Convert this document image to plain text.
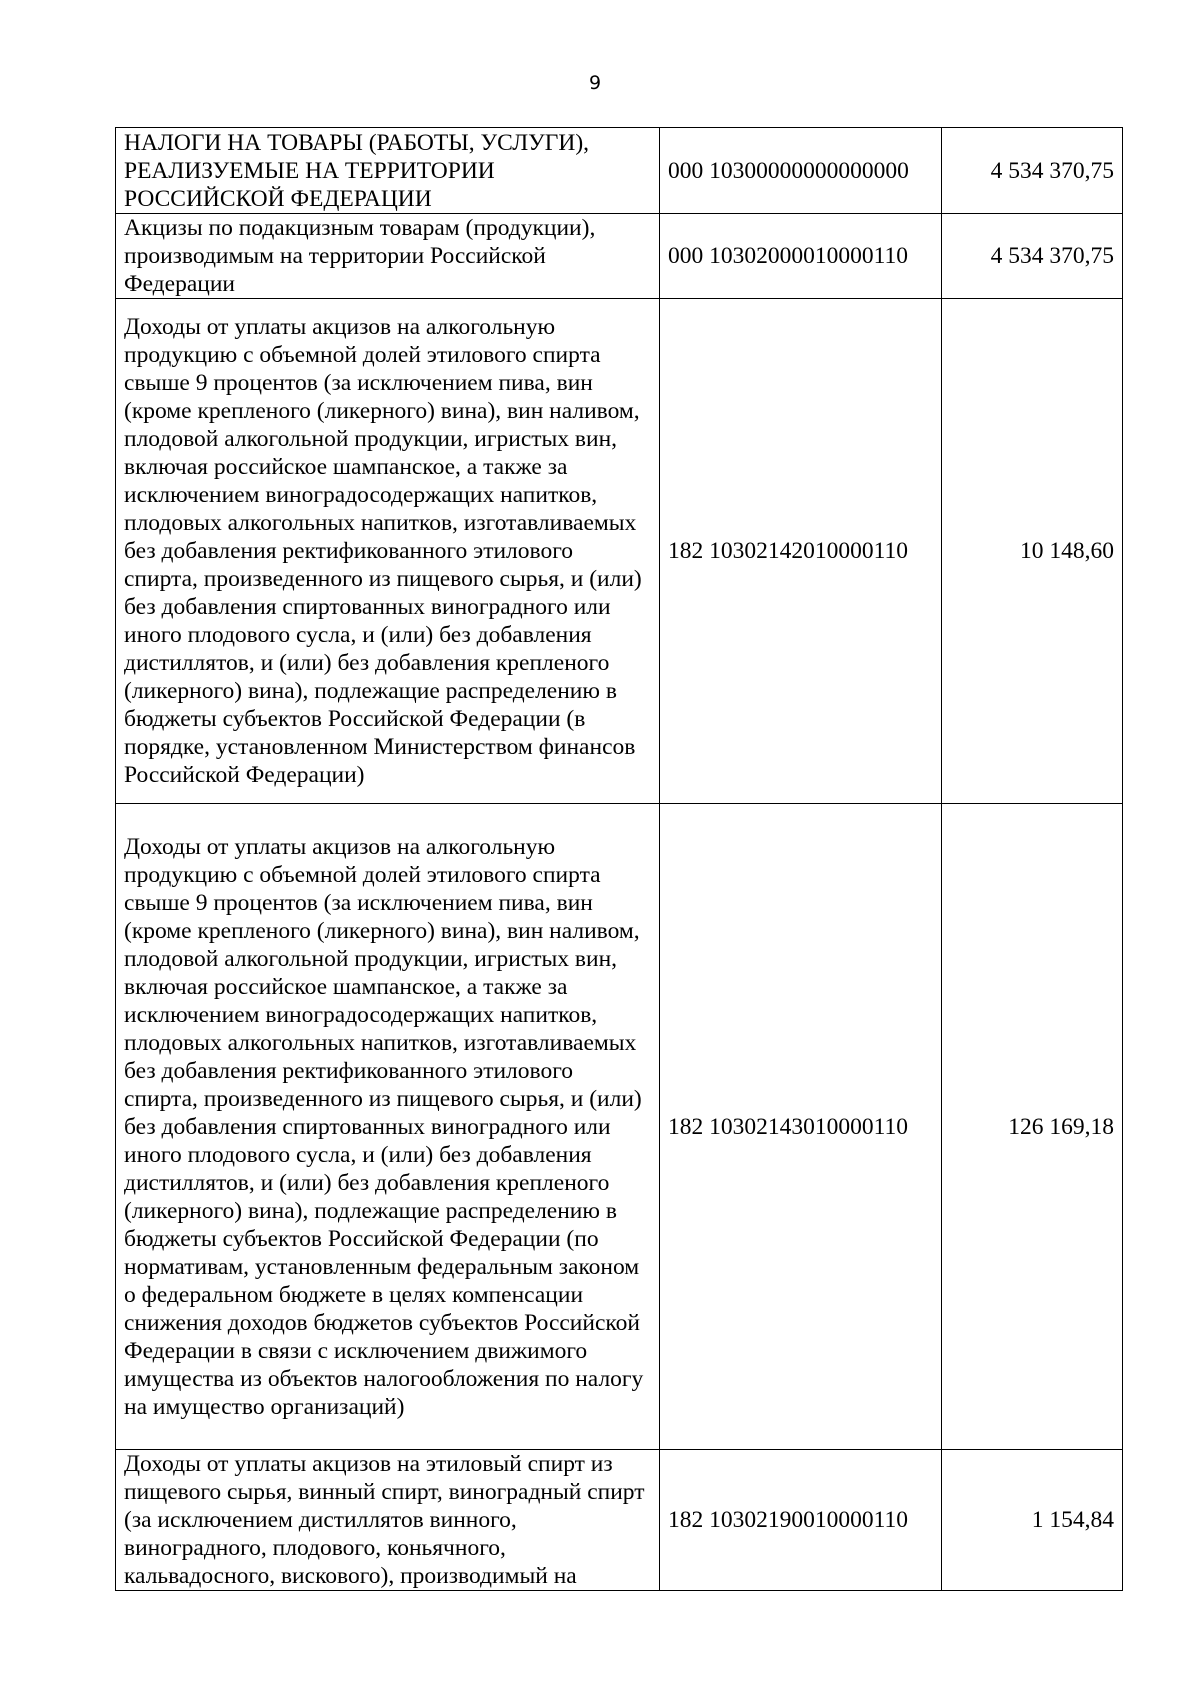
9
НАЛОГИ НА ТОВАРЫ (РАБОТЫ, УСЛУГИ), РЕАЛИЗУЕМЫЕ НА ТЕРРИТОРИИ РОССИЙСКОЙ ФЕДЕРАЦИИ	000 10300000000000000	4 534 370,75
Акцизы по подакцизным товарам (продукции), производимым на территории Российской Федерации	000 10302000010000110	4 534 370,75
Доходы от уплаты акцизов на алкогольную продукцию с объемной долей этилового спирта свыше 9 процентов (за исключением пива, вин (кроме крепленого (ликерного) вина), вин наливом, плодовой алкогольной продукции, игристых вин, включая российское шампанское, а также за исключением виноградосодержащих напитков, плодовых алкогольных напитков, изготавливаемых без добавления ректификованного этилового спирта, произведенного из пищевого сырья, и (или) без добавления спиртованных виноградного или иного плодового сусла, и (или) без добавления дистиллятов, и (или) без добавления крепленого (ликерного) вина), подлежащие распределению в бюджеты субъектов Российской Федерации (в порядке, установленном Министерством финансов Российской Федерации)	182 10302142010000110	10 148,60
Доходы от уплаты акцизов на алкогольную продукцию с объемной долей этилового спирта свыше 9 процентов (за исключением пива, вин (кроме крепленого (ликерного) вина), вин наливом, плодовой алкогольной продукции, игристых вин, включая российское шампанское, а также за исключением виноградосодержащих напитков, плодовых алкогольных напитков, изготавливаемых без добавления ректификованного этилового спирта, произведенного из пищевого сырья, и (или) без добавления спиртованных виноградного или иного плодового сусла, и (или) без добавления дистиллятов, и (или) без добавления крепленого (ликерного) вина), подлежащие распределению в бюджеты субъектов Российской Федерации (по нормативам, установленным федеральным законом о федеральном бюджете в целях компенсации снижения доходов бюджетов субъектов Российской Федерации в связи с исключением движимого имущества из объектов налогообложения по налогу на имущество организаций)	182 10302143010000110	126 169,18
Доходы от уплаты акцизов на этиловый спирт из пищевого сырья, винный спирт, виноградный спирт (за исключением дистиллятов винного, виноградного, плодового, коньячного, кальвадосного, вискового), производимый на	182 10302190010000110	1 154,84
